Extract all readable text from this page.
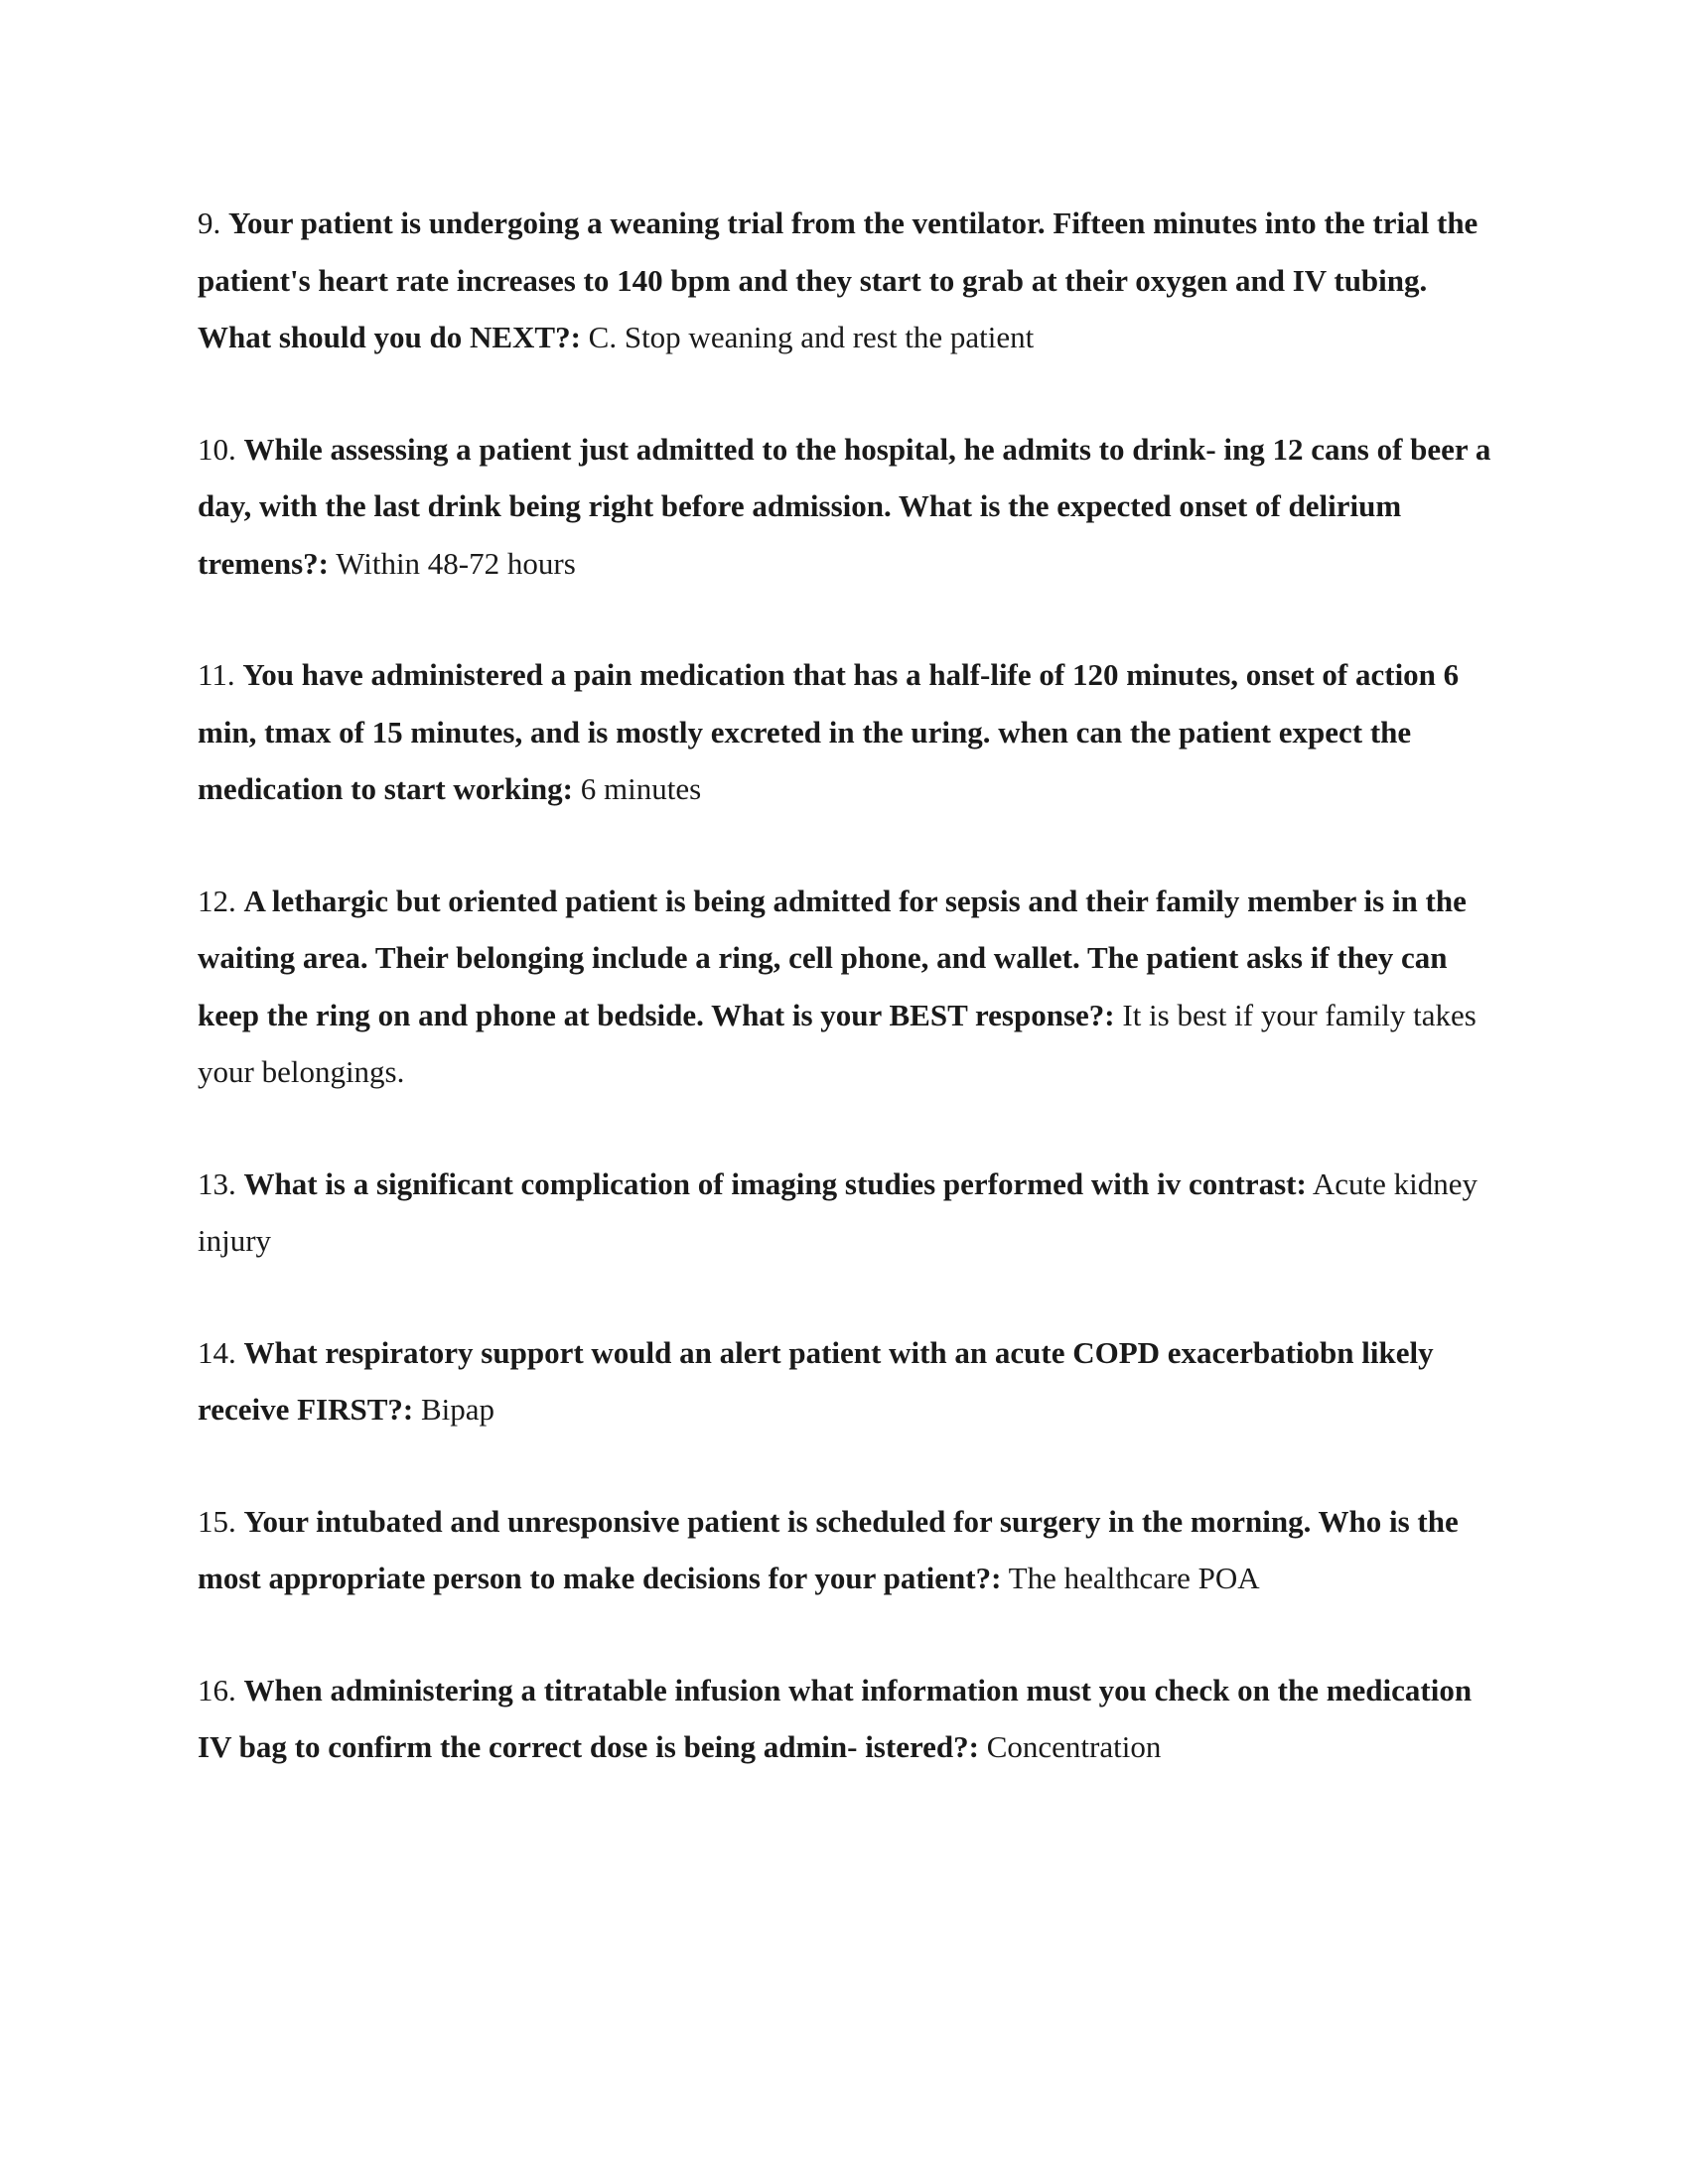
9. Your patient is undergoing a weaning trial from the ventilator. Fifteen minutes into the trial the patient's heart rate increases to 140 bpm and they start to grab at their oxygen and IV tubing. What should you do NEXT?: C. Stop weaning and rest the patient

10. While assessing a patient just admitted to the hospital, he admits to drink- ing 12 cans of beer a day, with the last drink being right before admission. What is the expected onset of delirium tremens?: Within 48-72 hours

11. You have administered a pain medication that has a half-life of 120 minutes, onset of action 6 min, tmax of 15 minutes, and is mostly excreted in the uring. when can the patient expect the medication to start working: 6 minutes

12. A lethargic but oriented patient is being admitted for sepsis and their family member is in the waiting area. Their belonging include a ring, cell phone, and wallet. The patient asks if they can keep the ring on and phone at bedside. What is your BEST response?: It is best if your family takes your belongings.

13. What is a significant complication of imaging studies performed with iv contrast: Acute kidney injury

14. What respiratory support would an alert patient with an acute COPD exacerbatiobn likely receive FIRST?: Bipap

15. Your intubated and unresponsive patient is scheduled for surgery in the morning. Who is the most appropriate person to make decisions for your patient?: The healthcare POA

16. When administering a titratable infusion what information must you check on the medication IV bag to confirm the correct dose is being admin- istered?: Concentration
